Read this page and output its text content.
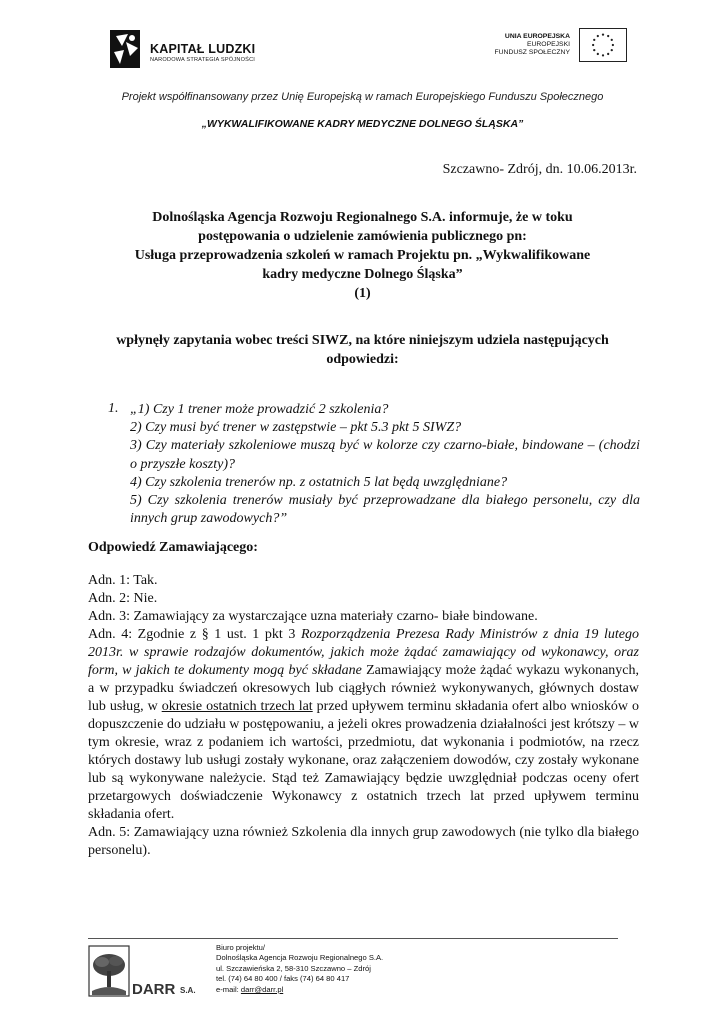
KAPITAŁ LUDZKI
NARODOWA STRATEGIA SPÓJNOŚCI
UNIA EUROPEJSKA
EUROPEJSKI
FUNDUSZ SPOŁECZNY
Projekt współfinansowany przez Unię Europejską w ramach Europejskiego Funduszu Społecznego
„WYKWALIFIKOWANE KADRY MEDYCZNE DOLNEGO ŚLĄSKA”
Szczawno- Zdrój, dn. 10.06.2013r.
Dolnośląska Agencja Rozwoju Regionalnego S.A. informuje, że w toku
postępowania o udzielenie zamówienia publicznego pn:
Usługa przeprowadzenia szkoleń w ramach Projektu pn. „Wykwalifikowane
kadry medyczne Dolnego Śląska”
(1)
wpłynęły zapytania wobec treści SIWZ, na które niniejszym udziela następujących
odpowiedzi:
1. „1) Czy 1 trener może prowadzić 2 szkolenia?
2) Czy musi być trener w zastępstwie – pkt 5.3 pkt 5 SIWZ?
3) Czy materiały szkoleniowe muszą być w kolorze czy czarno-białe, bindowane – (chodzi o przyszłe koszty)?
4) Czy szkolenia trenerów np. z ostatnich 5 lat będą uwzględniane?
5) Czy szkolenia trenerów musiały być przeprowadzane dla białego personelu, czy dla innych grup zawodowych?”
Odpowiedź Zamawiającego:

Adn. 1: Tak.

Adn. 2: Nie.

Adn. 3: Zamawiający za wystarczające uzna materiały czarno- białe bindowane.

Adn. 4: Zgodnie z § 1 ust. 1 pkt 3 Rozporządzenia Prezesa Rady Ministrów z dnia 19 lutego 2013r. w sprawie rodzajów dokumentów, jakich może żądać zamawiający od wykonawcy, oraz form, w jakich te dokumenty mogą być składane Zamawiający może żądać wykazu wykonanych, a w przypadku świadczeń okresowych lub ciągłych również wykonywanych, głównych dostaw lub usług, w okresie ostatnich trzech lat przed upływem terminu składania ofert albo wniosków o dopuszczenie do udziału w postępowaniu, a jeżeli okres prowadzenia działalności jest krótszy – w tym okresie, wraz z podaniem ich wartości, przedmiotu, dat wykonania i podmiotów, na rzecz których dostawy lub usługi zostały wykonane, oraz załączeniem dowodów, czy zostały wykonane lub są wykonywane należycie. Stąd też Zamawiający będzie uwzględniał podczas oceny ofert przetargowych doświadczenie Wykonawcy z ostatnich trzech lat przed upływem terminu składania ofert.

Adn. 5: Zamawiający uzna również Szkolenia dla innych grup zawodowych (nie tylko dla białego personelu).

DARR S.A.
Biuro projektu/
Dolnośląska Agencja Rozwoju Regionalnego S.A.
ul. Szczawieńska 2, 58-310 Szczawno – Zdrój
tel. (74) 64 80 400 / faks (74) 64 80 417
e-mail: darr@darr.pl
